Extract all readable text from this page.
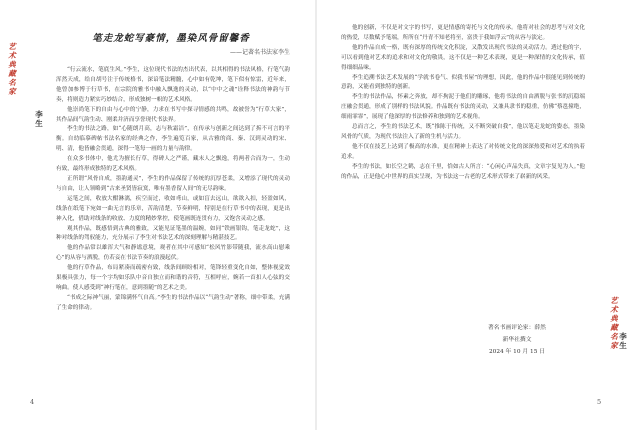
艺
术
典
藏
名
家
李
生
笔走龙蛇写豪情，墨染风骨留馨香
——记著名书法家李生

“行云流水，笔底生风。”李生，这位现代书法的杰出代表，以其相得的书法风格，行笔气韵浑然天成，给自胡号注于传统格书，深谙笔法精髓，心中如有乾坤，笔下似有惊雷，近年来，他曾加参博于行草书，在宗院的雅书中融入飘逸的灵动，以“中中之魂”诠释书法的神韵与节奏，将则造力紧实巧妙结合，形成独树一帜的艺术风格。

他崇尚笔下的自由与心中的宁静，力求在书写中探寻情感的共鸣，故被誉为“行草大家”，其作品间气韵生动、刚柔并济而享誉现代书法界。

李生的书法之路，如“心随朗月高，志与秋霜洁”，在传承与创新之间达到了拆不可言的平衡。自幼临摹碑帖书法名家的经典之作，李生遍览百家，从古雅的商、秦、汉到灵动的宋、明、清，他皆融会贯通，深得一笔每一画的力量与韵律。

在众多书体中，他尤为擅长行草，得碑人之严谨，藏末人之飘逸，将两者合而为一，生动有致，最终形成独特的艺术风格。

正所谓“风骨自成，墨韵通灵”，李生的作品保留了传统的沉厚苍柔，又增添了现代的灵动与自由，让人领略到“古来圣贤皆寂寞，唯有墨香留人间”的无尽韵味。

运笔之间，收放大酣淋漓，疾空而过，收如鸢山，或如盲去远山，欲欲入扣，轻盈如风，线条在纸笔下宛如一曲无言的乐章，苦韵清楚，节奏鲜明，特别是在行草书中的表现，更是出神入化，借助对线条的收放、力度的精妙掌控，使笔画既连贯有力，又饱含灵动之感。

观其作品，既感悟到古典的雅致，又能见证笔墨的温婉，如同“铁画银钩，笔走龙蛇”，这种对线条的驾驭能力，充分展示了李生对书法艺术的深刻理解与精湛技艺。

他的作品常以雄浑大气和静谧意境，观者在其中可感知“松风竹影带随我，流水高山慰乘心”的从容与洒脱，仿若妾在书法节奏的浪漫起伏。

他的行草作品，布局紧凑而疏密有致，线条间顾盼相对，笔锋轻重变化自如，整体视觉效果极具张力，每一个字均如乐队中音自独立而和谐的音符，互相呼应，婉若一首扣人心弦的交响曲。使人感受到“神行笔在，意到墨随”的艺术之美。

“书成之际神气丽，蒙锦满怀气自高。”李生的书法作品以“气韵生动”著称，细中带柔，充满了生命的律动。

4

他的创新，不仅是对文字的书写，更是情感的寄托与文化的传承。他将对社会的思考与对文化的热爱，尽数赋予笔端，所所在“丹青不知老将至，富贵于我如浮云”的从容与淡定。

他的作品自成一格，既有深厚的传统文化积淀，又散发出现代书法的灵动活力。透过他的字，可以看到他对艺术的追求和对文化的敬畏，这不仅是一种艺术表现，更是一种深情的文化传承，值得细细品味。

李生追溯书法艺术发展的“学就书卷气、似我书屋”的理想，因此，他的作品中很能见到传统的意韵，又能看到独特的创新。

李生的书法作品，怀素之奔放，却不拘泥于他们的雕琢，他将书法的自由洒脱与张书的沉稳端庄融会贯通，形成了别样的书法风貌。作品既有书法的灵动，又兼具隶书的稳重，仿佛“蔡邕撞绝，细雨霏霏”，展现了他深厚的书法修养和独到的艺术视角。

总而言之，李生的书法艺术，既“推陈于传统，又不断突破自我”，他以笔走龙蛇的姿态，墨染风骨的气质，为现代书法注入了新的生机与活力。

他不仅在技艺上达到了极高的水准，更在精神上表达了对传统文化的深深热爱和对艺术的执着追求。

李生的书法，如长空之鹤，志在千里，恰如古人所言：“心闲心声品失真，文章字复见为人。”他的作品，正是他心中世界的真实呈现，为书法这一古老的艺术形式带来了崭新的风采。

著名书画评论家：薛然
新华社撰文
2024 年 10 月 15 日
艺
术
典
藏
名
家
李
生
5
